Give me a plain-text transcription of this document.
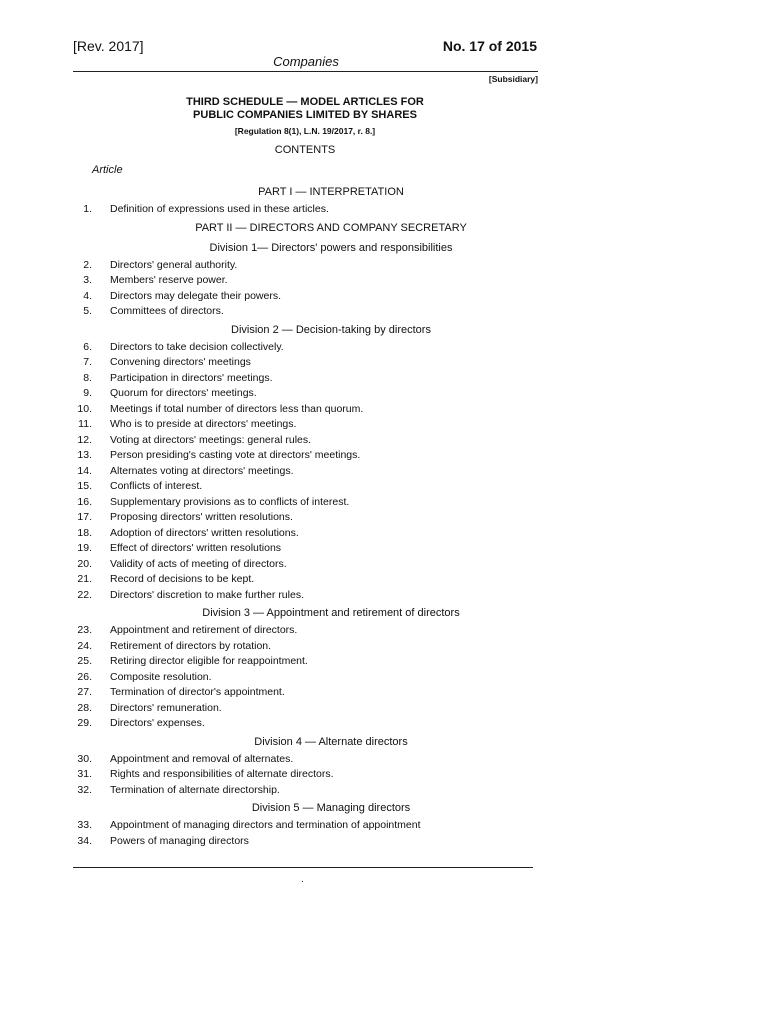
[Rev. 2017]	No. 17 of 2015
Companies
[Subsidiary]
THIRD SCHEDULE — MODEL ARTICLES FOR
PUBLIC COMPANIES LIMITED BY SHARES
[Regulation 8(1), L.N. 19/2017, r. 8.]
CONTENTS
Article
PART I — INTERPRETATION
1. Definition of expressions used in these articles.
PART II — DIRECTORS AND COMPANY SECRETARY
Division 1— Directors' powers and responsibilities
2. Directors' general authority.
3. Members' reserve power.
4. Directors may delegate their powers.
5. Committees of directors.
Division 2 — Decision-taking by directors
6. Directors to take decision collectively.
7. Convening directors' meetings
8. Participation in directors' meetings.
9. Quorum for directors' meetings.
10. Meetings if total number of directors less than quorum.
11. Who is to preside at directors' meetings.
12. Voting at directors' meetings: general rules.
13. Person presiding's casting vote at directors' meetings.
14. Alternates voting at directors' meetings.
15. Conflicts of interest.
16. Supplementary provisions as to conflicts of interest.
17. Proposing directors' written resolutions.
18. Adoption of directors' written resolutions.
19. Effect of directors' written resolutions
20. Validity of acts of meeting of directors.
21. Record of decisions to be kept.
22. Directors' discretion to make further rules.
Division 3 — Appointment and retirement of directors
23. Appointment and retirement of directors.
24. Retirement of directors by rotation.
25. Retiring director eligible for reappointment.
26. Composite resolution.
27. Termination of director's appointment.
28. Directors' remuneration.
29. Directors' expenses.
Division 4 — Alternate directors
30. Appointment and removal of alternates.
31. Rights and responsibilities of alternate directors.
32. Termination of alternate directorship.
Division 5 — Managing directors
33. Appointment of managing directors and termination of appointment
34. Powers of managing directors
.
